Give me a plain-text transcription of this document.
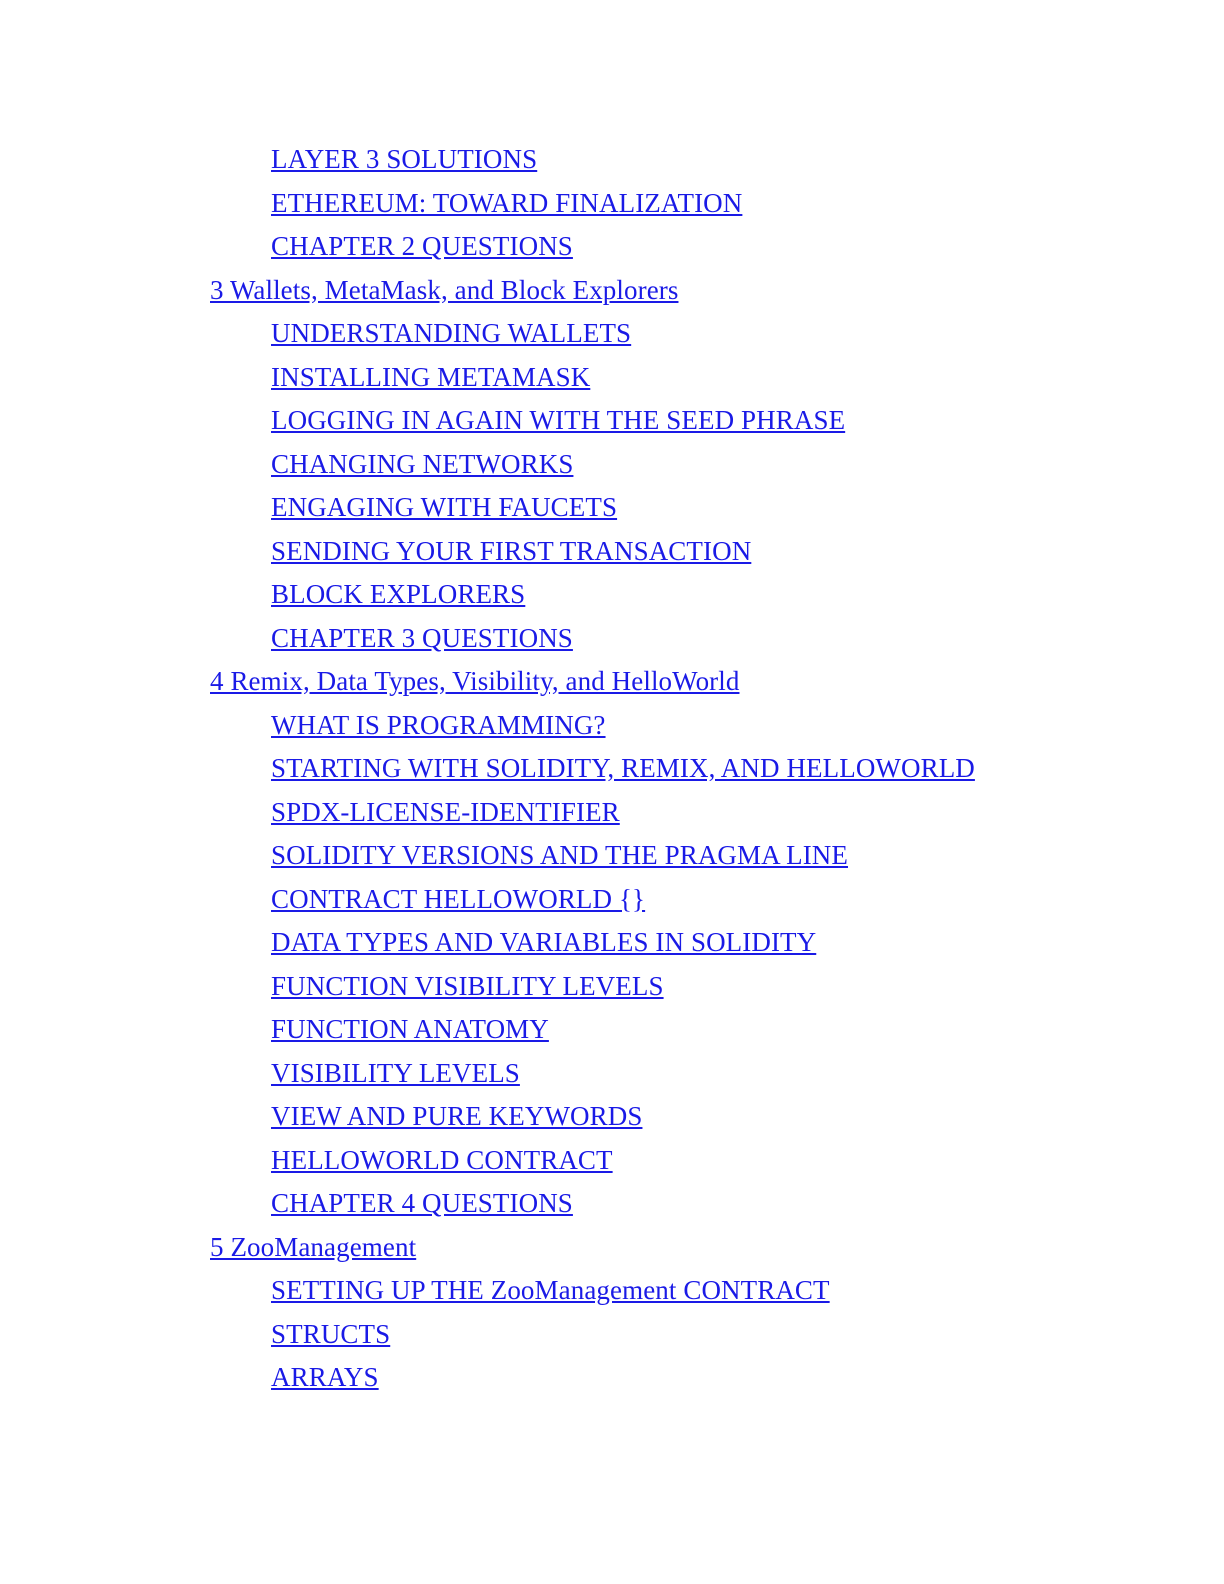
LAYER 3 SOLUTIONS
ETHEREUM: TOWARD FINALIZATION
CHAPTER 2 QUESTIONS
3 Wallets, MetaMask, and Block Explorers
UNDERSTANDING WALLETS
INSTALLING METAMASK
LOGGING IN AGAIN WITH THE SEED PHRASE
CHANGING NETWORKS
ENGAGING WITH FAUCETS
SENDING YOUR FIRST TRANSACTION
BLOCK EXPLORERS
CHAPTER 3 QUESTIONS
4 Remix, Data Types, Visibility, and HelloWorld
WHAT IS PROGRAMMING?
STARTING WITH SOLIDITY, REMIX, AND HELLOWORLD
SPDX-LICENSE-IDENTIFIER
SOLIDITY VERSIONS AND THE PRAGMA LINE
CONTRACT HELLOWORLD {}
DATA TYPES AND VARIABLES IN SOLIDITY
FUNCTION VISIBILITY LEVELS
FUNCTION ANATOMY
VISIBILITY LEVELS
VIEW AND PURE KEYWORDS
HELLOWORLD CONTRACT
CHAPTER 4 QUESTIONS
5 ZooManagement
SETTING UP THE ZooManagement CONTRACT
STRUCTS
ARRAYS
